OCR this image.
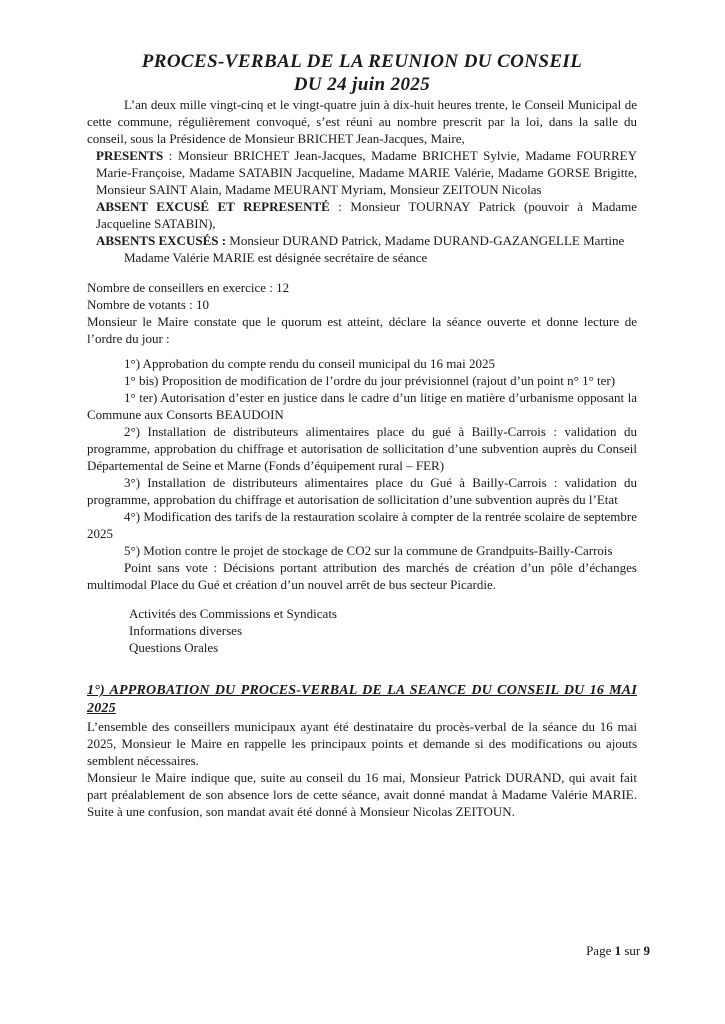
PROCES-VERBAL DE LA REUNION DU CONSEIL
DU 24 juin 2025

L’an deux mille vingt-cinq et le vingt-quatre juin à dix-huit heures trente, le Conseil Municipal de cette commune, régulièrement convoqué, s’est réuni au nombre prescrit par la loi, dans la salle du conseil, sous la Présidence de Monsieur BRICHET Jean-Jacques, Maire,

PRESENTS : Monsieur BRICHET Jean-Jacques, Madame BRICHET Sylvie, Madame FOURREY Marie-Françoise, Madame SATABIN Jacqueline, Madame MARIE Valérie, Madame GORSE Brigitte, Monsieur SAINT Alain, Madame MEURANT Myriam, Monsieur ZEITOUN Nicolas

ABSENT EXCUSÉ ET REPRESENTÉ : Monsieur TOURNAY Patrick (pouvoir à Madame Jacqueline SATABIN),

ABSENTS EXCUSÉS : Monsieur DURAND Patrick, Madame DURAND-GAZANGELLE Martine

Madame Valérie MARIE est désignée secrétaire de séance

Nombre de conseillers en exercice : 12

Nombre de votants : 10

Monsieur le Maire constate que le quorum est atteint, déclare la séance ouverte et donne lecture de l’ordre du jour :

1°) Approbation du compte rendu du conseil municipal du 16 mai 2025

1° bis) Proposition de modification de l’ordre du jour prévisionnel (rajout d’un point n° 1° ter)

1° ter) Autorisation d’ester en justice dans le cadre d’un litige en matière d’urbanisme opposant la Commune aux Consorts BEAUDOIN

2°) Installation de distributeurs alimentaires place du gué à Bailly-Carrois : validation du programme, approbation du chiffrage et autorisation de sollicitation d’une subvention auprès du Conseil Départemental de Seine et Marne (Fonds d’équipement rural – FER)

3°) Installation de distributeurs alimentaires place du Gué à Bailly-Carrois : validation du programme, approbation du chiffrage et autorisation de sollicitation d’une subvention auprès du l’Etat

4°) Modification des tarifs de la restauration scolaire à compter de la rentrée scolaire de septembre 2025

5°) Motion contre le projet de stockage de CO2 sur la commune de Grandpuits-Bailly-Carrois

Point sans vote : Décisions portant attribution des marchés de création d’un pôle d’échanges multimodal Place du Gué et création d’un nouvel arrêt de bus secteur Picardie.

Activités des Commissions et Syndicats

Informations diverses

Questions Orales

1°) APPROBATION DU PROCES-VERBAL DE LA SEANCE DU CONSEIL DU 16 MAI 2025

L’ensemble des conseillers municipaux ayant été destinataire du procès-verbal de la séance du 16 mai 2025, Monsieur le Maire en rappelle les principaux points et demande si des modifications ou ajouts semblent nécessaires.

Monsieur le Maire indique que, suite au conseil du 16 mai, Monsieur Patrick DURAND, qui avait fait part préalablement de son absence lors de cette séance, avait donné mandat à Madame Valérie MARIE. Suite à une confusion, son mandat avait été donné à Monsieur Nicolas ZEITOUN.

Page 1 sur 9
